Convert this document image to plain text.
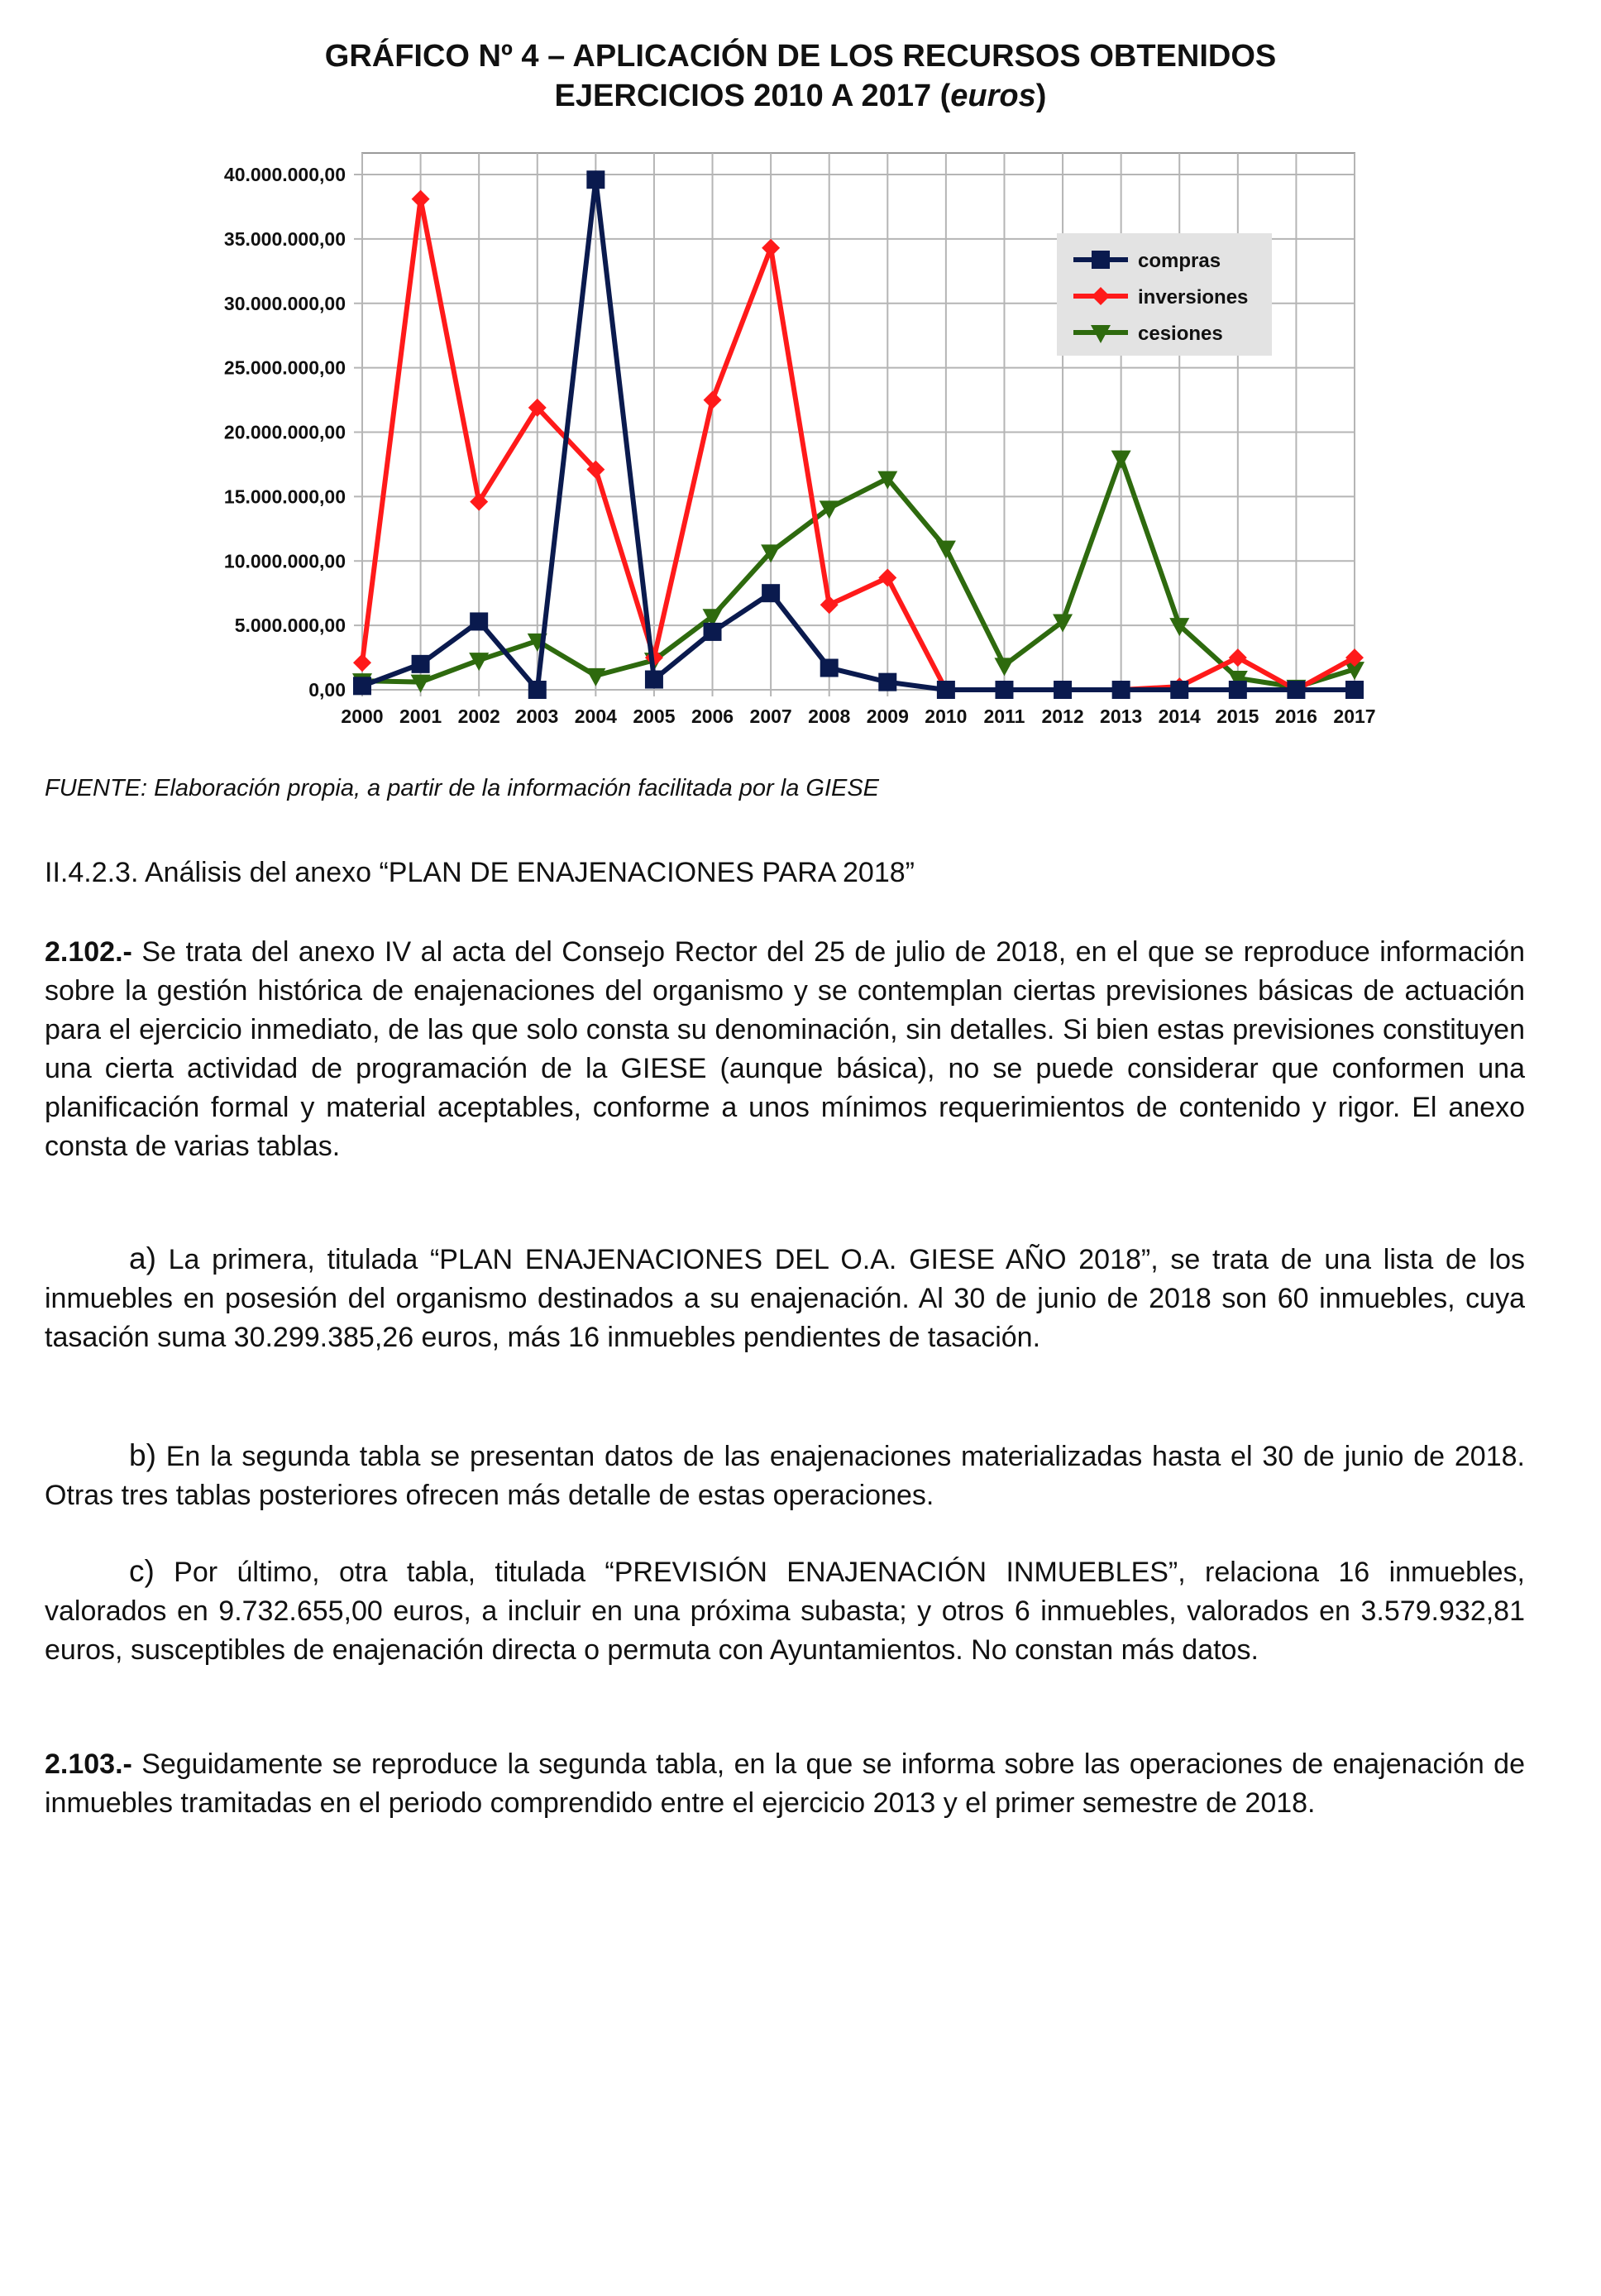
GRÁFICO Nº 4 – APLICACIÓN DE LOS RECURSOS OBTENIDOS
EJERCICIOS 2010 A 2017 (euros)
0,00
5.000.000,00
10.000.000,00
15.000.000,00
20.000.000,00
25.000.000,00
30.000.000,00
35.000.000,00
40.000.000,00
2000 2001 2002 2003 2004 2005 2006 2007 2008 2009 2010 2011 2012 2013 2014 2015 2016 2017
compras
inversiones
cesiones
FUENTE: Elaboración propia, a partir de la información facilitada por la GIESE
II.4.2.3. Análisis del anexo “PLAN DE ENAJENACIONES PARA 2018”

2.102.- Se trata del anexo IV al acta del Consejo Rector del 25 de julio de 2018, en el que se reproduce información sobre la gestión histórica de enajenaciones del organismo y se contemplan ciertas previsiones básicas de actuación para el ejercicio inmediato, de las que solo consta su denominación, sin detalles. Si bien estas previsiones constituyen una cierta actividad de programación de la GIESE (aunque básica), no se puede considerar que conformen una planificación formal y material aceptables, conforme a unos mínimos requerimientos de contenido y rigor. El anexo consta de varias tablas.

a) La primera, titulada “PLAN ENAJENACIONES DEL O.A. GIESE AÑO 2018”, se trata de una lista de los inmuebles en posesión del organismo destinados a su enajenación. Al 30 de junio de 2018 son 60 inmuebles, cuya tasación suma 30.299.385,26 euros, más 16 inmuebles pendientes de tasación.

b) En la segunda tabla se presentan datos de las enajenaciones materializadas hasta el 30 de junio de 2018. Otras tres tablas posteriores ofrecen más detalle de estas operaciones.

c) Por último, otra tabla, titulada “PREVISIÓN ENAJENACIÓN INMUEBLES”, relaciona 16 inmuebles, valorados en 9.732.655,00 euros, a incluir en una próxima subasta; y otros 6 inmuebles, valorados en 3.579.932,81 euros, susceptibles de enajenación directa o permuta con Ayuntamientos. No constan más datos.

2.103.- Seguidamente se reproduce la segunda tabla, en la que se informa sobre las operaciones de enajenación de inmuebles tramitadas en el periodo comprendido entre el ejercicio 2013 y el primer semestre de 2018.
